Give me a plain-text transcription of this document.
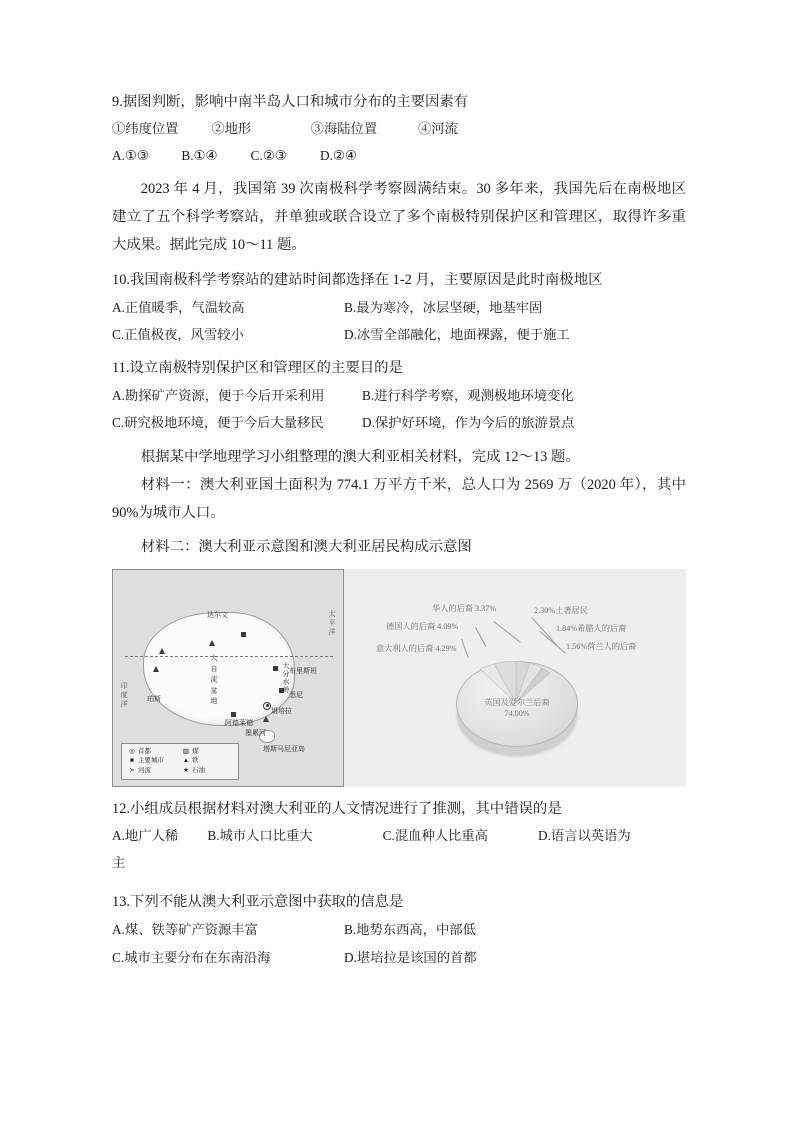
9.据图判断，影响中南半岛人口和城市分布的主要因素有
①纬度位置 ②地形	③海陆位置	④河流
A.①③ B.①④	C.②③	D.②④
2023 年 4 月，我国第 39 次南极科学考察圆满结束。30 多年来，我国先后在南极地区建立了五个科学考察站，并单独或联合设立了多个南极特别保护区和管理区，取得许多重大成果。据此完成 10～11 题。
10.我国南极科学考察站的建站时间都选择在 1-2 月，主要原因是此时南极地区
A.正值暖季，气温较高	B.最为寒冷，冰层坚硬，地基牢固
C.正值极夜，风雪较小	D.冰雪全部融化，地面裸露，便于施工
11.设立南极特别保护区和管理区的主要目的是
A.勘探矿产资源，便于今后开采利用	B.进行科学考察，观测极地环境变化
C.研究极地环境，便于今后大量移民	D.保护好环境，作为今后的旅游景点
根据某中学地理学习小组整理的澳大利亚相关材料，完成 12～13 题。
材料一：澳大利亚国土面积为 774.1 万平方千米，总人口为 2569 万（2020 年），其中90%为城市人口。
材料二：澳大利亚示意图和澳大利亚居民构成示意图
印度洋
太平洋
大 自 流 盆 地	大分水岭
墨累河
珀斯
阿德莱德
堪培拉
悉尼
布里斯班
达尔文
塔斯马尼亚岛
◎ 首都	▨ 煤
■ 主要城市	▲ 铁
≻ 河流	★ 石油
华人的后裔 3.37%	2.30%土著居民
德国人的后裔 4.09%	1.84%希腊人的后裔
意大利人的后裔 4.29%	1.56%荷兰人的后裔
英国及爱尔兰后裔
74.00%
12.小组成员根据材料对澳大利亚的人文情况进行了推测，其中错误的是
A.地广人稀 B.城市人口比重大	C.混血种人比重高	D.语言以英语为
主
13.下列不能从澳大利亚示意图中获取的信息是
A.煤、铁等矿产资源丰富	B.地势东西高，中部低
C.城市主要分布在东南沿海	D.堪培拉是该国的首都
